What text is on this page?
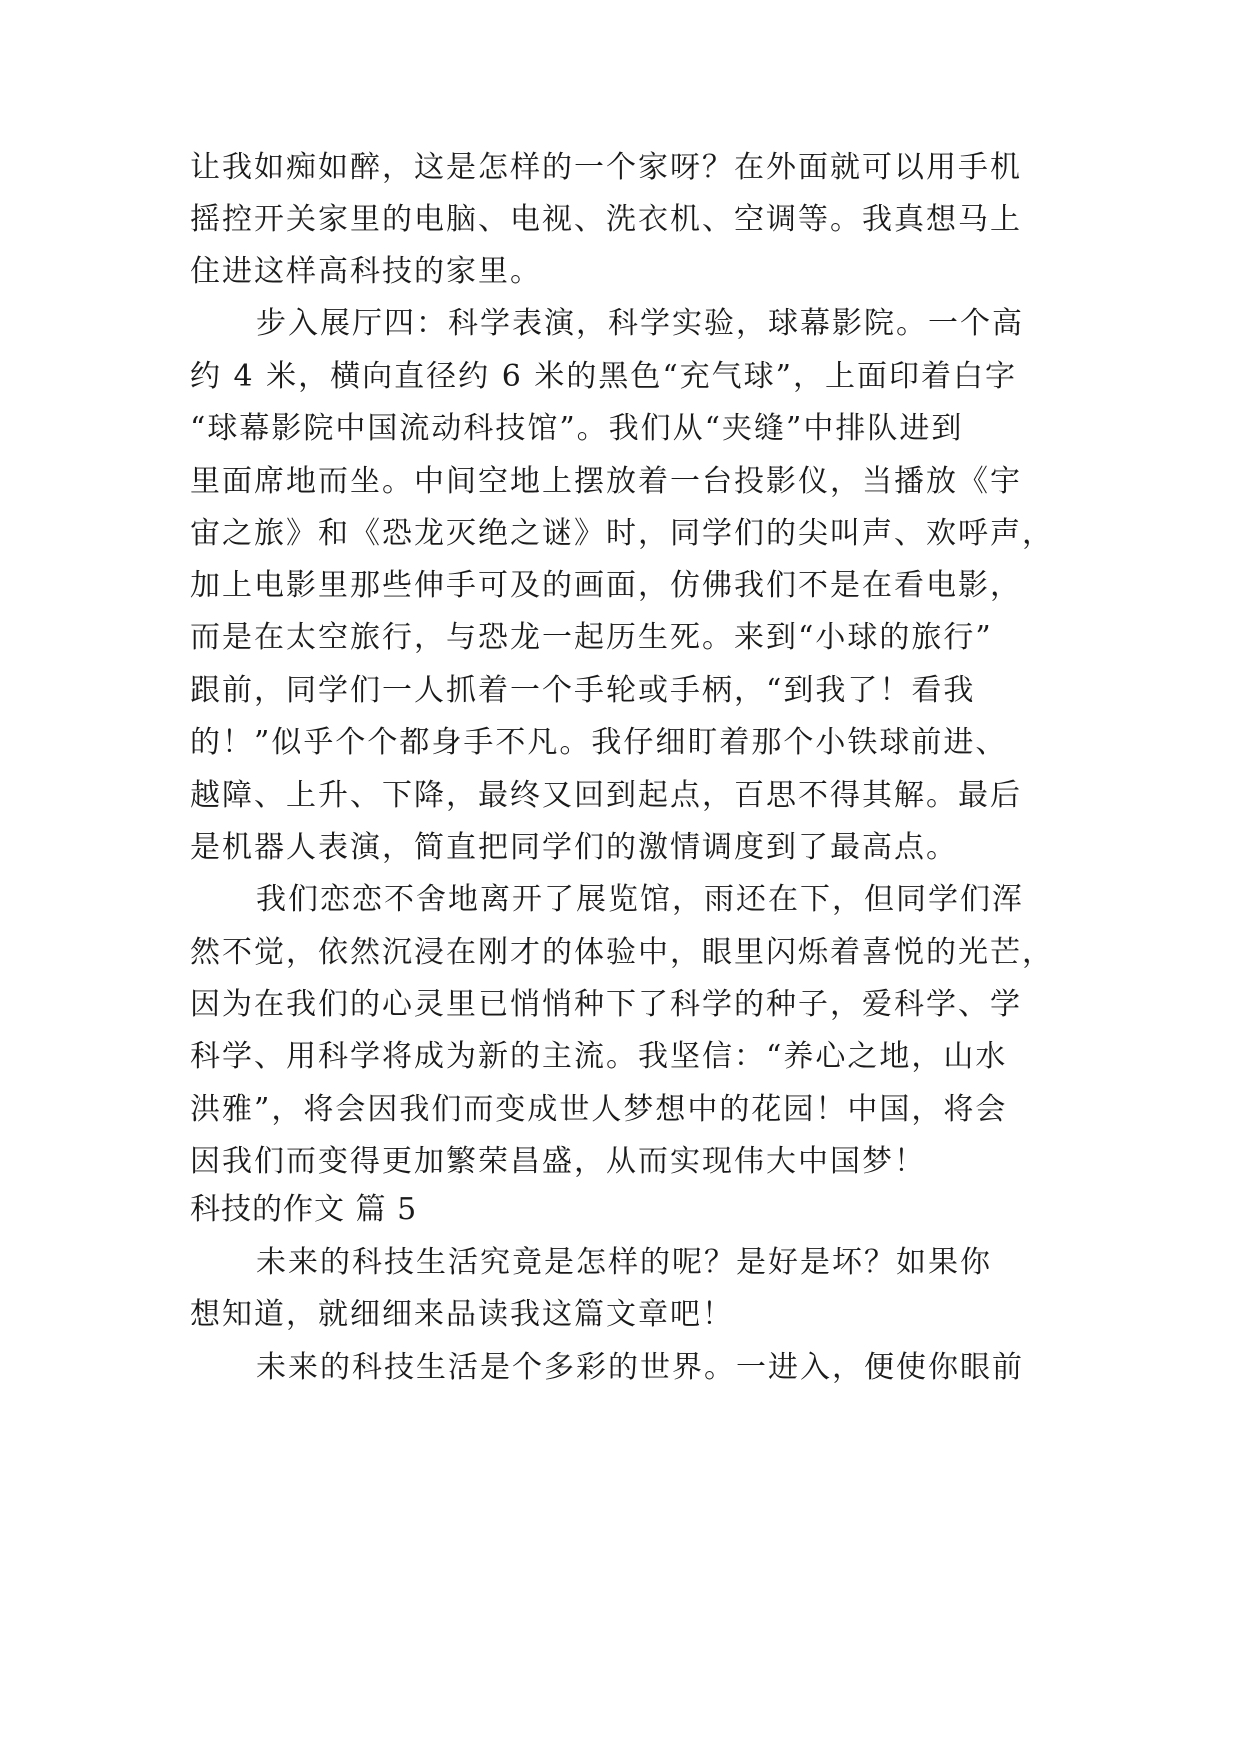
让我如痴如醉，这是怎样的一个家呀？在外面就可以用手机
摇控开关家里的电脑、电视、洗衣机、空调等。我真想马上
住进这样高科技的家里。
步入展厅四：科学表演，科学实验，球幕影院。一个高
约 4 米，横向直径约 6 米的黑色“充气球”，上面印着白字
“球幕影院中国流动科技馆”。我们从“夹缝”中排队进到
里面席地而坐。中间空地上摆放着一台投影仪，当播放《宇
宙之旅》和《恐龙灭绝之谜》时，同学们的尖叫声、欢呼声，
加上电影里那些伸手可及的画面，仿佛我们不是在看电影，
而是在太空旅行，与恐龙一起历生死。来到“小球的旅行”
跟前，同学们一人抓着一个手轮或手柄，“到我了！看我
的！”似乎个个都身手不凡。我仔细盯着那个小铁球前进、
越障、上升、下降，最终又回到起点，百思不得其解。最后
是机器人表演，简直把同学们的激情调度到了最高点。
我们恋恋不舍地离开了展览馆，雨还在下，但同学们浑
然不觉，依然沉浸在刚才的体验中，眼里闪烁着喜悦的光芒，
因为在我们的心灵里已悄悄种下了科学的种子，爱科学、学
科学、用科学将成为新的主流。我坚信：“养心之地，山水
洪雅”，将会因我们而变成世人梦想中的花园！中国，将会
因我们而变得更加繁荣昌盛，从而实现伟大中国梦！
科技的作文 篇 5
未来的科技生活究竟是怎样的呢？是好是坏？如果你
想知道，就细细来品读我这篇文章吧！
未来的科技生活是个多彩的世界。一进入，便使你眼前
